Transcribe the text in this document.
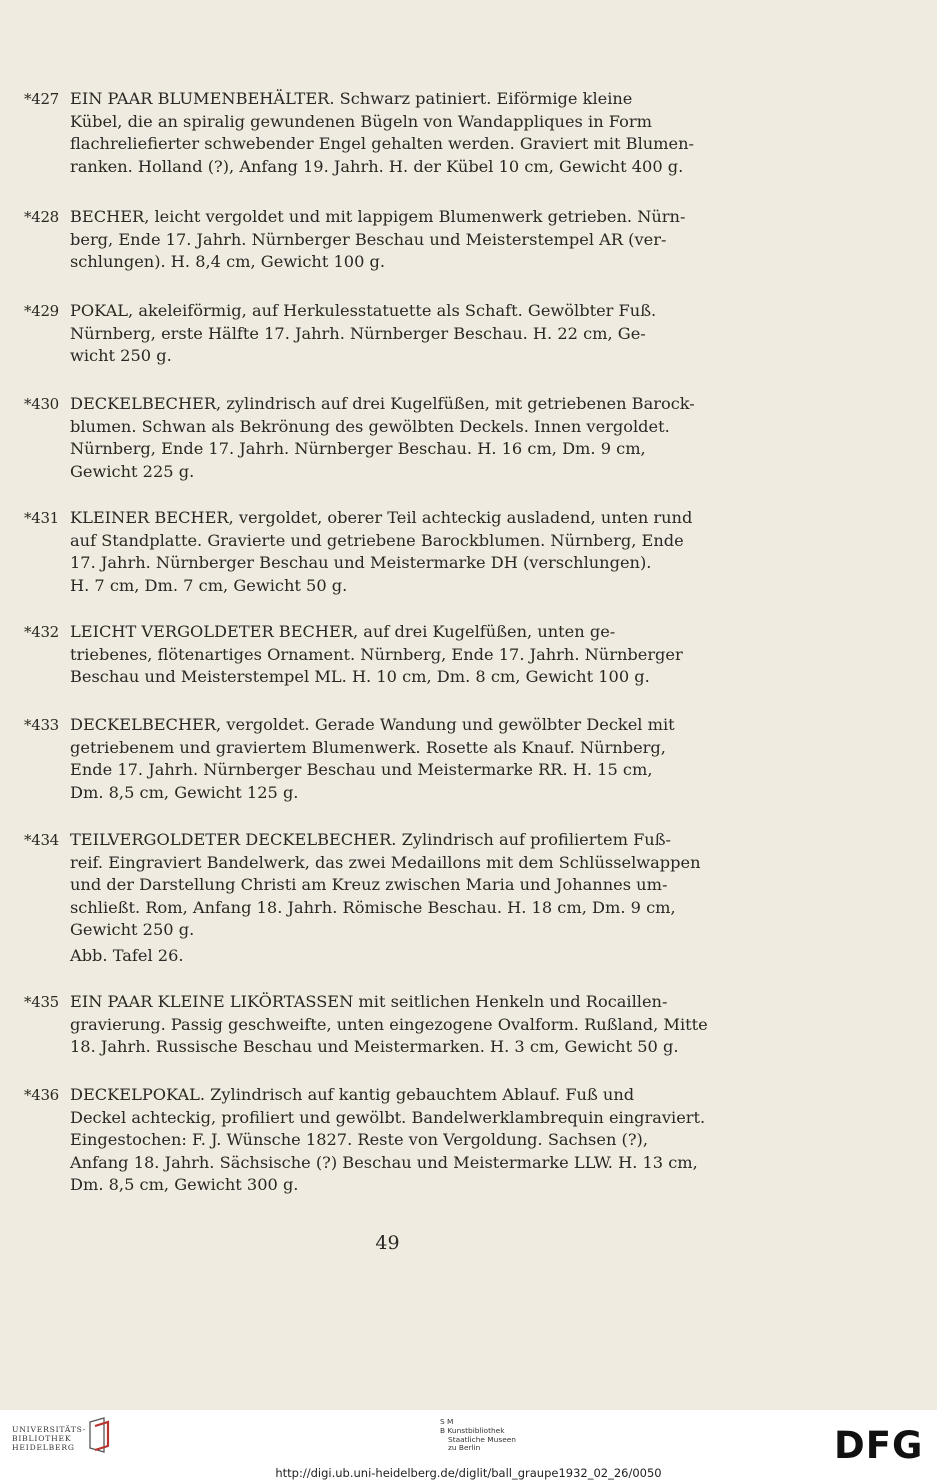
*427 EIN PAAR BLUMENBEHÄLTER. Schwarz patiniert. Eiförmige kleine
Kübel, die an spiralig gewundenen Bügeln von Wandappliques in Form
flachreliefierter schwebender Engel gehalten werden. Graviert mit Blumen-
ranken. Holland (?), Anfang 19. Jahrh. H. der Kübel 10 cm, Gewicht 400 g.
*428 BECHER, leicht vergoldet und mit lappigem Blumenwerk getrieben. Nürn-
berg, Ende 17. Jahrh. Nürnberger Beschau und Meisterstempel AR (ver-
schlungen). H. 8,4 cm, Gewicht 100 g.
*429 POKAL, akeleiförmig, auf Herkulesstatuette als Schaft. Gewölbter Fuß.
Nürnberg, erste Hälfte 17. Jahrh. Nürnberger Beschau. H. 22 cm, Ge-
wicht 250 g.
*430 DECKELBECHER, zylindrisch auf drei Kugelfüßen, mit getriebenen Barock-
blumen. Schwan als Bekrönung des gewölbten Deckels. Innen vergoldet.
Nürnberg, Ende 17. Jahrh. Nürnberger Beschau. H. 16 cm, Dm. 9 cm,
Gewicht 225 g.
*431 KLEINER BECHER, vergoldet, oberer Teil achteckig ausladend, unten rund
auf Standplatte. Gravierte und getriebene Barockblumen. Nürnberg, Ende
17. Jahrh. Nürnberger Beschau und Meistermarke DH (verschlungen).
H. 7 cm, Dm. 7 cm, Gewicht 50 g.
*432 LEICHT VERGOLDETER BECHER, auf drei Kugelfüßen, unten ge-
triebenes, flötenartiges Ornament. Nürnberg, Ende 17. Jahrh. Nürnberger
Beschau und Meisterstempel ML. H. 10 cm, Dm. 8 cm, Gewicht 100 g.
*433 DECKELBECHER, vergoldet. Gerade Wandung und gewölbter Deckel mit
getriebenem und graviertem Blumenwerk. Rosette als Knauf. Nürnberg,
Ende 17. Jahrh. Nürnberger Beschau und Meistermarke RR. H. 15 cm,
Dm. 8,5 cm, Gewicht 125 g.
*434 TEILVERGOLDETER DECKELBECHER. Zylindrisch auf profiliertem Fuß-
reif. Eingraviert Bandelwerk, das zwei Medaillons mit dem Schlüsselwappen
und der Darstellung Christi am Kreuz zwischen Maria und Johannes um-
schließt. Rom, Anfang 18. Jahrh. Römische Beschau. H. 18 cm, Dm. 9 cm,
Gewicht 250 g.
Abb. Tafel 26.
*435 EIN PAAR KLEINE LIKÖRTASSEN mit seitlichen Henkeln und Rocaillen-
gravierung. Passig geschweifte, unten eingezogene Ovalform. Rußland, Mitte
18. Jahrh. Russische Beschau und Meistermarken. H. 3 cm, Gewicht 50 g.
*436 DECKELPOKAL. Zylindrisch auf kantig gebauchtem Ablauf. Fuß und
Deckel achteckig, profiliert und gewölbt. Bandelwerklambrequin eingraviert.
Eingestochen: F. J. Wünsche 1827. Reste von Vergoldung. Sachsen (?),
Anfang 18. Jahrh. Sächsische (?) Beschau und Meistermarke LLW. H. 13 cm,
Dm. 8,5 cm, Gewicht 300 g.
49
UNIVERSITÄTS-
BIBLIOTHEK
HEIDELBERG
S M
B Kunstbibliothek
Staatliche Museen
zu Berlin	DFG
http://digi.ub.uni-heidelberg.de/diglit/ball_graupe1932_02_26/0050
